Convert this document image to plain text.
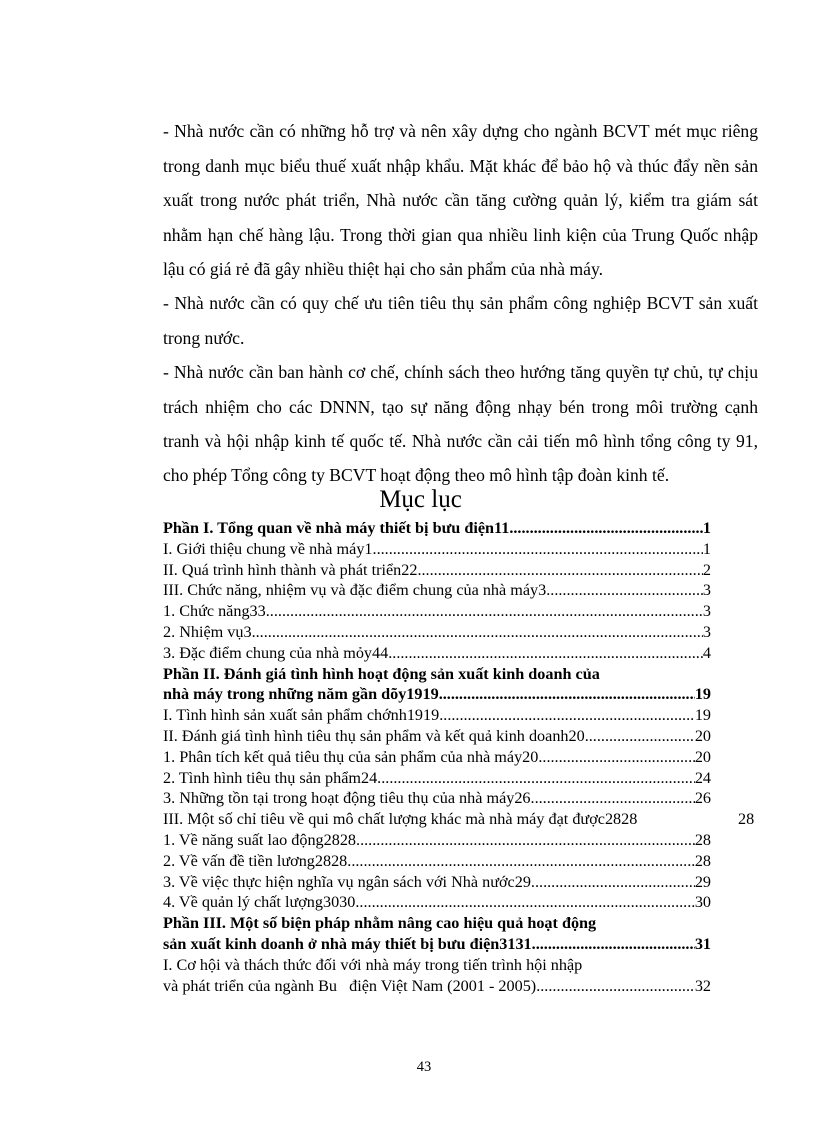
- Nhà nước cần có những hỗ trợ và nên xây dựng cho ngành BCVT mét mục riêng trong danh mục biểu thuế xuất nhập khẩu. Mặt khác để bảo hộ và thúc đẩy nền sản xuất trong nước phát triển, Nhà nước cần tăng cường quản lý, kiểm tra giám sát nhằm hạn chế hàng lậu. Trong thời gian qua nhiều linh kiện của Trung Quốc nhập lậu có giá rẻ đã gây nhiều thiệt hại cho sản phẩm của nhà máy.

- Nhà nước cần có quy chế ưu tiên tiêu thụ sản phẩm công nghiệp BCVT sản xuất trong nước.

- Nhà nước cần ban hành cơ chế, chính sách theo hướng tăng quyền tự chủ, tự chịu trách nhiệm cho các DNNN, tạo sự năng động nhạy bén trong môi trường cạnh tranh và hội nhập kinh tế quốc tế. Nhà nước cần cải tiến mô hình tổng công ty 91, cho phép Tổng công ty BCVT hoạt động theo mô hình tập đoàn kinh tế.

Mục lục
Phần I. Tổng quan về nhà máy thiết bị bưu điện11 .....	1
I. Giới thiệu chung về nhà máy1 .....	1
II. Quá trình hình thành và phát triển22 .....	2
III. Chức năng, nhiệm vụ và đặc điểm chung của nhà máy3 .....	3
1. Chức năng33 .....	3
2. Nhiệm vụ3 .....	3
3. Đặc điểm chung của nhà mỏy44 .....	4
Phần II. Đánh giá tình hình hoạt động sản xuất kinh doanh của
nhà máy trong những năm gần dõy1919 .....	19
I. Tình hình sản xuất sản phẩm chớnh1919 .....	19
II. Đánh giá tình hình tiêu thụ sản phẩm và kết quả kinh doanh20 .....	20
1. Phân tích kết quả tiêu thụ của sản phẩm của nhà máy20 .....	20
2. Tình hình tiêu thụ sản phẩm24 .....	24
3. Những tồn tại trong hoạt động tiêu thụ của nhà máy26 .....	26
III. Một số chỉ tiêu về qui mô chất lượng khác mà nhà máy đạt được2828	28
1. Về năng suất lao động2828 .....	28
2. Về vấn đề tiền lương2828 .....	28
3. Về việc thực hiện nghĩa vụ ngân sách với Nhà nước29 .....	29
4. Về quản lý chất lượng3030 .....	30
Phần III. Một số biện pháp nhằm nâng cao hiệu quả hoạt động
sản xuất kinh doanh ở nhà máy thiết bị bưu điện3131 .....	31
I. Cơ hội và thách thức đối với nhà máy trong tiến trình hội nhập
và phát triển của ngành Bu   điện Việt Nam (2001 - 2005) .....	32
43
